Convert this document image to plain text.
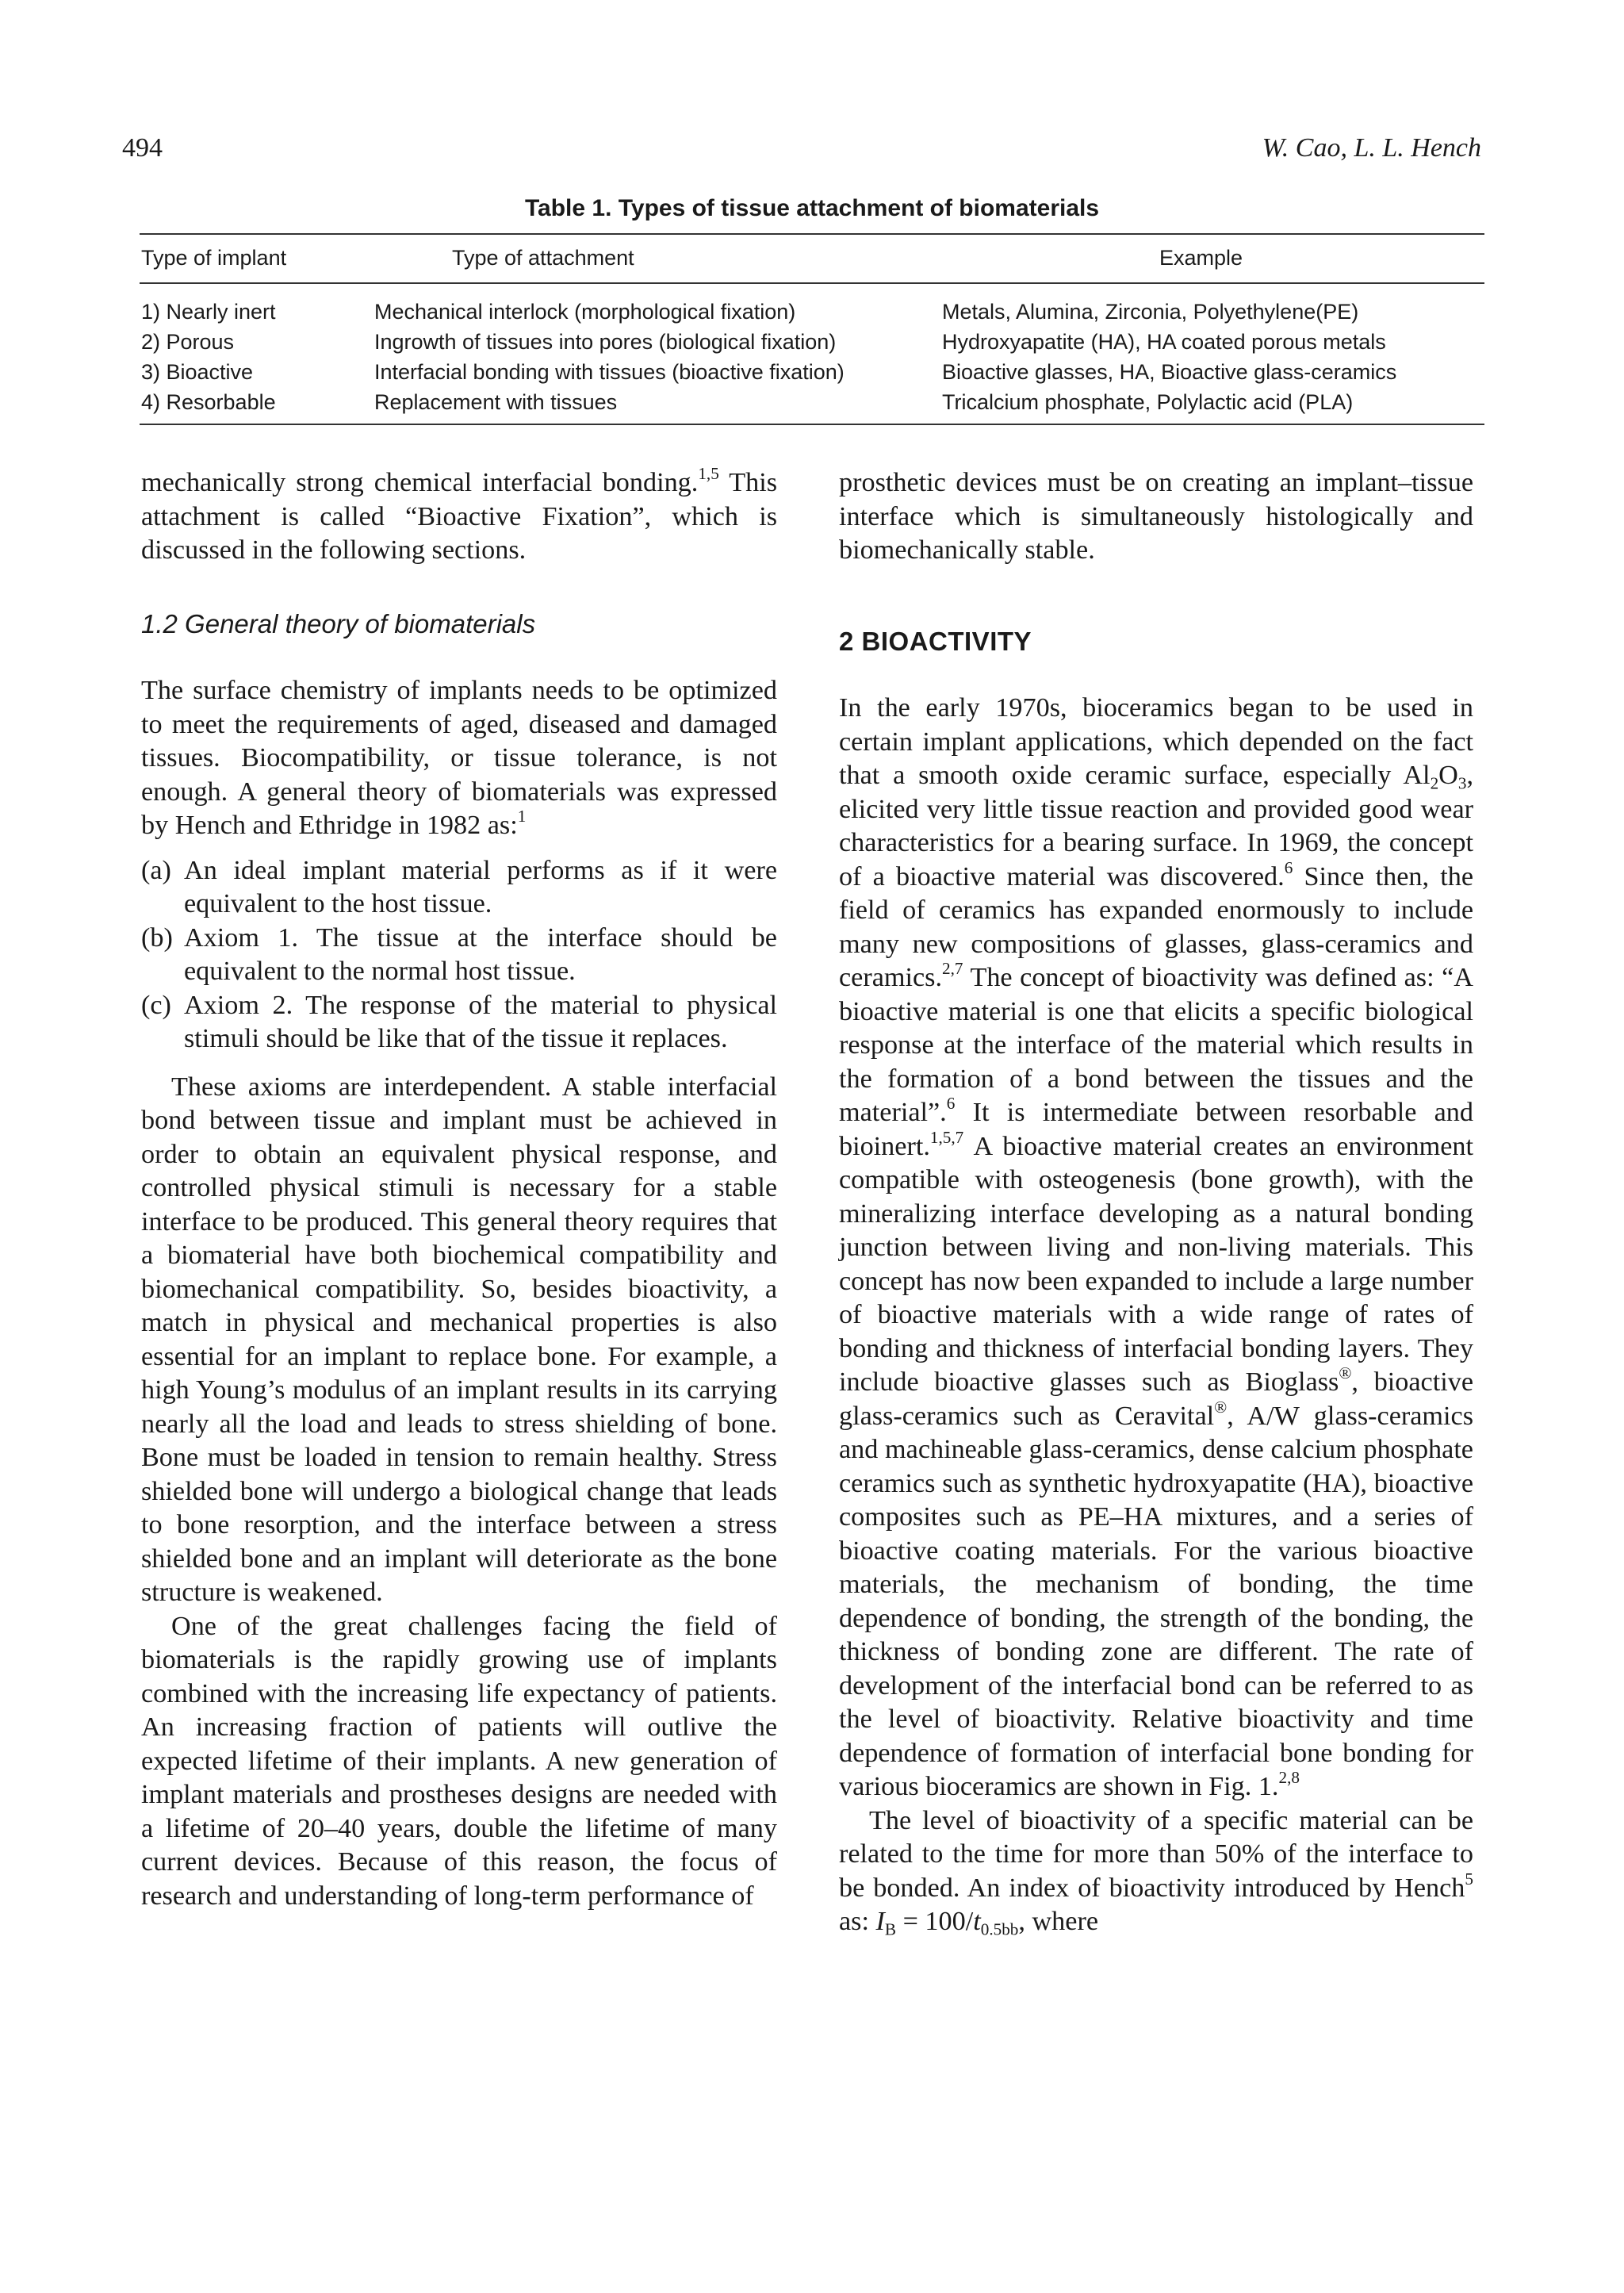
494	W. Cao, L. L. Hench
Table 1. Types of tissue attachment of biomaterials
Type of implant	Type of attachment	Example
1) Nearly inert	Mechanical interlock (morphological fixation)	Metals, Alumina, Zirconia, Polyethylene(PE)
2) Porous	Ingrowth of tissues into pores (biological fixation)	Hydroxyapatite (HA), HA coated porous metals
3) Bioactive	Interfacial bonding with tissues (bioactive fixation)	Bioactive glasses, HA, Bioactive glass-ceramics
4) Resorbable	Replacement with tissues	Tricalcium phosphate, Polylactic acid (PLA)

mechanically strong chemical interfacial bonding.$^{1,5}$ This attachment is called “Bioactive Fixation”, which is discussed in the following sections.

1.2 General theory of biomaterials

The surface chemistry of implants needs to be optimized to meet the requirements of aged, diseased and damaged tissues. Biocompatibility, or tissue tolerance, is not enough. A general theory of biomaterials was expressed by Hench and Ethridge in 1982 as:$^1$

(a) An ideal implant material performs as if it were equivalent to the host tissue.
(b) Axiom 1. The tissue at the interface should be equivalent to the normal host tissue.
(c) Axiom 2. The response of the material to physical stimuli should be like that of the tissue it replaces.

These axioms are interdependent. A stable interfacial bond between tissue and implant must be achieved in order to obtain an equivalent physical response, and controlled physical stimuli is necessary for a stable interface to be produced. This general theory requires that a biomaterial have both biochemical compatibility and biomechanical compatibility. So, besides bioactivity, a match in physical and mechanical properties is also essential for an implant to replace bone. For example, a high Young’s modulus of an implant results in its carrying nearly all the load and leads to stress shielding of bone. Bone must be loaded in tension to remain healthy. Stress shielded bone will undergo a biological change that leads to bone resorption, and the interface between a stress shielded bone and an implant will deteriorate as the bone structure is weakened.

One of the great challenges facing the field of biomaterials is the rapidly growing use of implants combined with the increasing life expectancy of patients. An increasing fraction of patients will outlive the expected lifetime of their implants. A new generation of implant materials and prostheses designs are needed with a lifetime of 20–40 years, double the lifetime of many current devices. Because of this reason, the focus of research and understanding of long-term performance of

prosthetic devices must be on creating an implant–tissue interface which is simultaneously histologically and biomechanically stable.

2 BIOACTIVITY

In the early 1970s, bioceramics began to be used in certain implant applications, which depended on the fact that a smooth oxide ceramic surface, especially $Al_2O_3$, elicited very little tissue reaction and provided good wear characteristics for a bearing surface. In 1969, the concept of a bioactive material was discovered.$^6$ Since then, the field of ceramics has expanded enormously to include many new compositions of glasses, glass-ceramics and ceramics.$^{2,7}$ The concept of bioactivity was defined as: “A bioactive material is one that elicits a specific biological response at the interface of the material which results in the formation of a bond between the tissues and the material”.$^6$ It is intermediate between resorbable and bioinert.$^{1,5,7}$ A bioactive material creates an environment compatible with osteogenesis (bone growth), with the mineralizing interface developing as a natural bonding junction between living and non-living materials. This concept has now been expanded to include a large number of bioactive materials with a wide range of rates of bonding and thickness of interfacial bonding layers. They include bioactive glasses such as Bioglass®, bioactive glass-ceramics such as Ceravital®, A/W glass-ceramics and machineable glass-ceramics, dense calcium phosphate ceramics such as synthetic hydroxyapatite (HA), bioactive composites such as PE–HA mixtures, and a series of bioactive coating materials. For the various bioactive materials, the mechanism of bonding, the time dependence of bonding, the strength of the bonding, the thickness of bonding zone are different. The rate of development of the interfacial bond can be referred to as the level of bioactivity. Relative bioactivity and time dependence of formation of interfacial bone bonding for various bioceramics are shown in Fig. 1.$^{2,8}$

The level of bioactivity of a specific material can be related to the time for more than 50% of the interface to be bonded. An index of bioactivity introduced by Hench$^5$ as: $I_B = 100/t_{0.5bb}$, where
